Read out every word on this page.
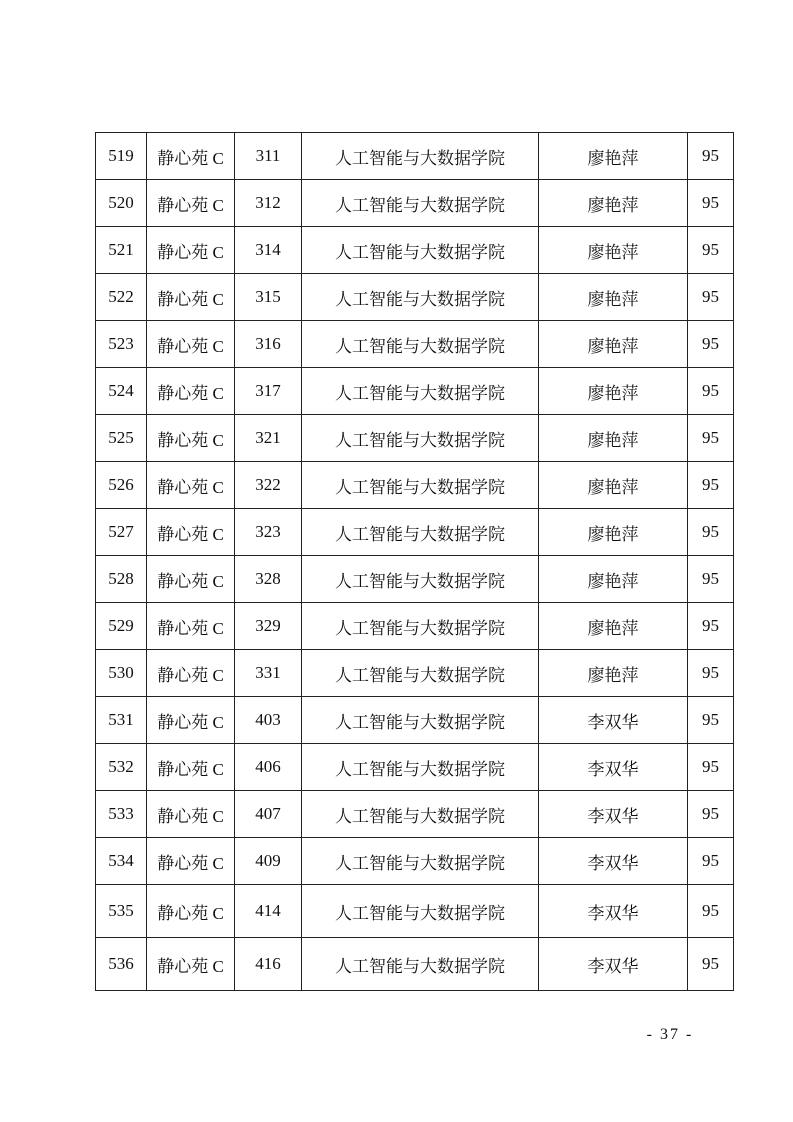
519	静心苑 C	311	人工智能与大数据学院	廖艳萍	95
520	静心苑 C	312	人工智能与大数据学院	廖艳萍	95
521	静心苑 C	314	人工智能与大数据学院	廖艳萍	95
522	静心苑 C	315	人工智能与大数据学院	廖艳萍	95
523	静心苑 C	316	人工智能与大数据学院	廖艳萍	95
524	静心苑 C	317	人工智能与大数据学院	廖艳萍	95
525	静心苑 C	321	人工智能与大数据学院	廖艳萍	95
526	静心苑 C	322	人工智能与大数据学院	廖艳萍	95
527	静心苑 C	323	人工智能与大数据学院	廖艳萍	95
528	静心苑 C	328	人工智能与大数据学院	廖艳萍	95
529	静心苑 C	329	人工智能与大数据学院	廖艳萍	95
530	静心苑 C	331	人工智能与大数据学院	廖艳萍	95
531	静心苑 C	403	人工智能与大数据学院	李双华	95
532	静心苑 C	406	人工智能与大数据学院	李双华	95
533	静心苑 C	407	人工智能与大数据学院	李双华	95
534	静心苑 C	409	人工智能与大数据学院	李双华	95
535	静心苑 C	414	人工智能与大数据学院	李双华	95
536	静心苑 C	416	人工智能与大数据学院	李双华	95
- 37 -
